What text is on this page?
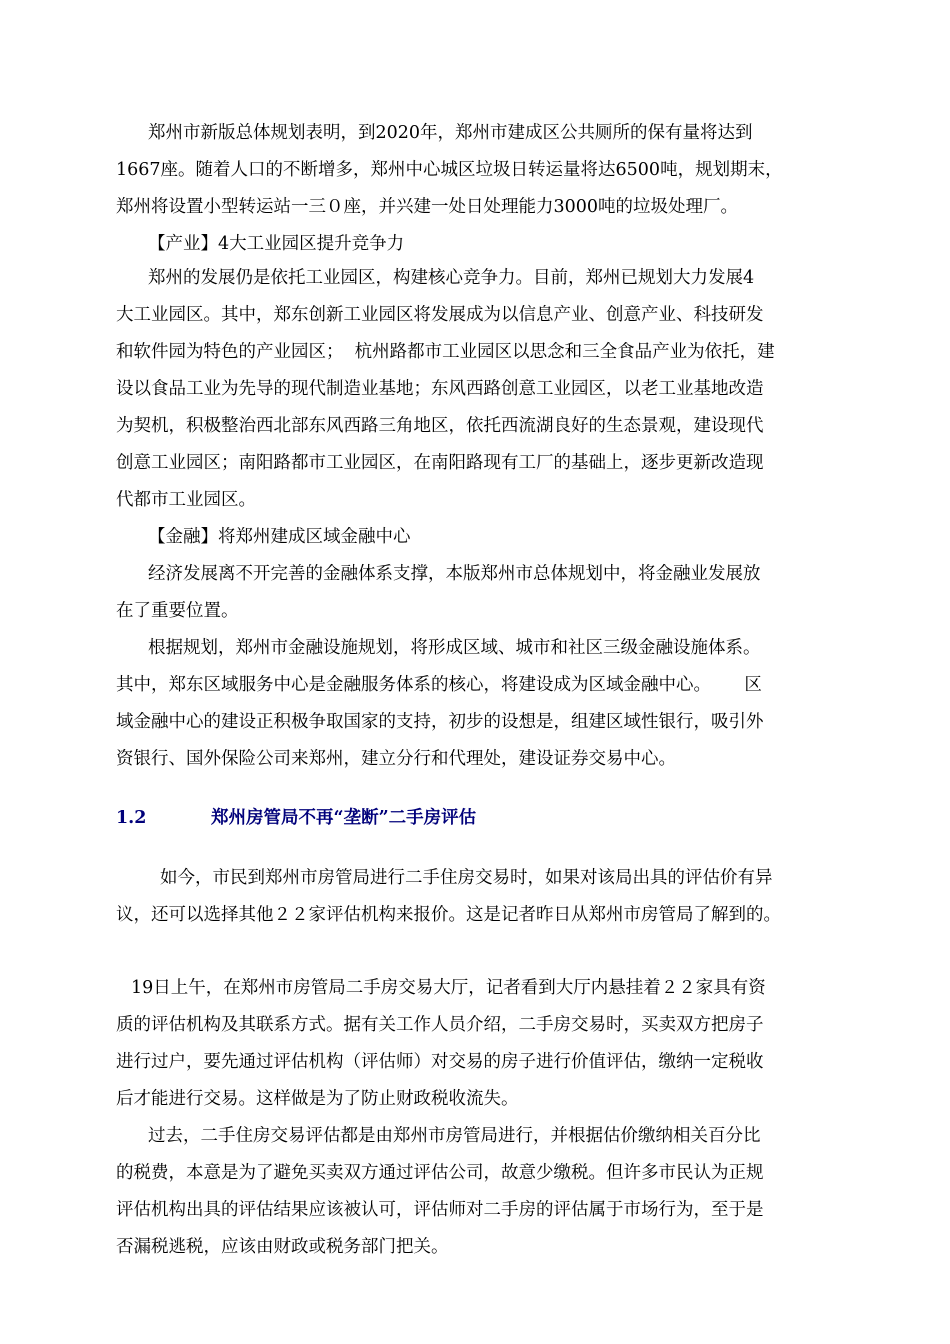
郑州市新版总体规划表明，到2020年，郑州市建成区公共厕所的保有量将达到
1667座。随着人口的不断增多，郑州中心城区垃圾日转运量将达6500吨，规划期末，
郑州将设置小型转运站一三０座，并兴建一处日处理能力3000吨的垃圾处理厂。
【产业】4大工业园区提升竞争力
郑州的发展仍是依托工业园区，构建核心竞争力。目前，郑州已规划大力发展4
大工业园区。其中，郑东创新工业园区将发展成为以信息产业、创意产业、科技研发
和软件园为特色的产业园区；  杭州路都市工业园区以思念和三全食品产业为依托，建
设以食品工业为先导的现代制造业基地；东风西路创意工业园区，以老工业基地改造
为契机，积极整治西北部东风西路三角地区，依托西流湖良好的生态景观，建设现代
创意工业园区；南阳路都市工业园区，在南阳路现有工厂的基础上，逐步更新改造现
代都市工业园区。
【金融】将郑州建成区域金融中心
经济发展离不开完善的金融体系支撑，本版郑州市总体规划中，将金融业发展放
在了重要位置。
根据规划，郑州市金融设施规划，将形成区域、城市和社区三级金融设施体系。
其中，郑东区域服务中心是金融服务体系的核心，将建设成为区域金融中心。      区
域金融中心的建设正积极争取国家的支持，初步的设想是，组建区域性银行，吸引外
资银行、国外保险公司来郑州，建立分行和代理处，建设证券交易中心。

1.2

	郑州房管局不再“垄断”二手房评估

如今，市民到郑州市房管局进行二手住房交易时，如果对该局出具的评估价有异
议，还可以选择其他２２家评估机构来报价。这是记者昨日从郑州市房管局了解到的。
19日上午，在郑州市房管局二手房交易大厅，记者看到大厅内悬挂着２２家具有资
质的评估机构及其联系方式。据有关工作人员介绍，二手房交易时，买卖双方把房子
进行过户，要先通过评估机构（评估师）对交易的房子进行价值评估，缴纳一定税收
后才能进行交易。这样做是为了防止财政税收流失。
过去，二手住房交易评估都是由郑州市房管局进行，并根据估价缴纳相关百分比
的税费，本意是为了避免买卖双方通过评估公司，故意少缴税。但许多市民认为正规
评估机构出具的评估结果应该被认可，评估师对二手房的评估属于市场行为，至于是
否漏税逃税，应该由财政或税务部门把关。
